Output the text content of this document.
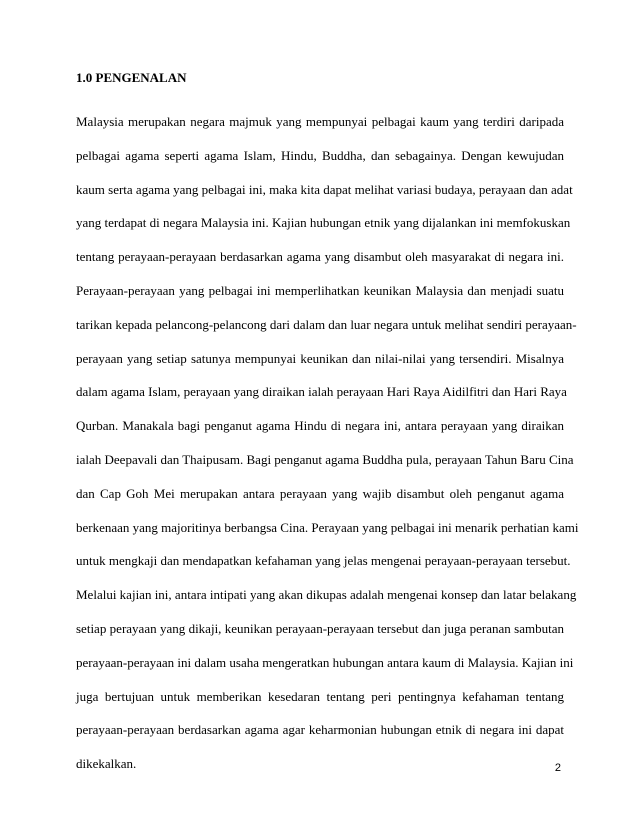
1.0 PENGENALAN
Malaysia merupakan negara majmuk yang mempunyai pelbagai kaum yang terdiri daripada
pelbagai agama seperti agama Islam, Hindu, Buddha, dan sebagainya. Dengan kewujudan
kaum serta agama yang pelbagai ini, maka kita dapat melihat variasi budaya, perayaan dan adat
yang terdapat di negara Malaysia ini. Kajian hubungan etnik yang dijalankan ini memfokuskan
tentang perayaan-perayaan berdasarkan agama yang disambut oleh masyarakat di negara ini.
Perayaan-perayaan yang pelbagai ini memperlihatkan keunikan Malaysia dan menjadi suatu
tarikan kepada pelancong-pelancong dari dalam dan luar negara untuk melihat sendiri perayaan-
perayaan yang setiap satunya mempunyai keunikan dan nilai-nilai yang tersendiri. Misalnya
dalam agama Islam, perayaan yang diraikan ialah perayaan Hari Raya Aidilfitri dan Hari Raya
Qurban. Manakala bagi penganut agama Hindu di negara ini, antara perayaan yang diraikan
ialah Deepavali dan Thaipusam. Bagi penganut agama Buddha pula, perayaan Tahun Baru Cina
dan Cap Goh Mei merupakan antara perayaan yang wajib disambut oleh penganut agama
berkenaan yang majoritinya berbangsa Cina. Perayaan yang pelbagai ini menarik perhatian kami
untuk mengkaji dan mendapatkan kefahaman yang jelas mengenai perayaan-perayaan tersebut.
Melalui kajian ini, antara intipati yang akan dikupas adalah mengenai konsep dan latar belakang
setiap perayaan yang dikaji, keunikan perayaan-perayaan tersebut dan juga peranan sambutan
perayaan-perayaan ini dalam usaha mengeratkan hubungan antara kaum di Malaysia. Kajian ini
juga bertujuan untuk memberikan kesedaran tentang peri pentingnya kefahaman tentang
perayaan-perayaan berdasarkan agama agar keharmonian hubungan etnik di negara ini dapat
dikekalkan.	2
